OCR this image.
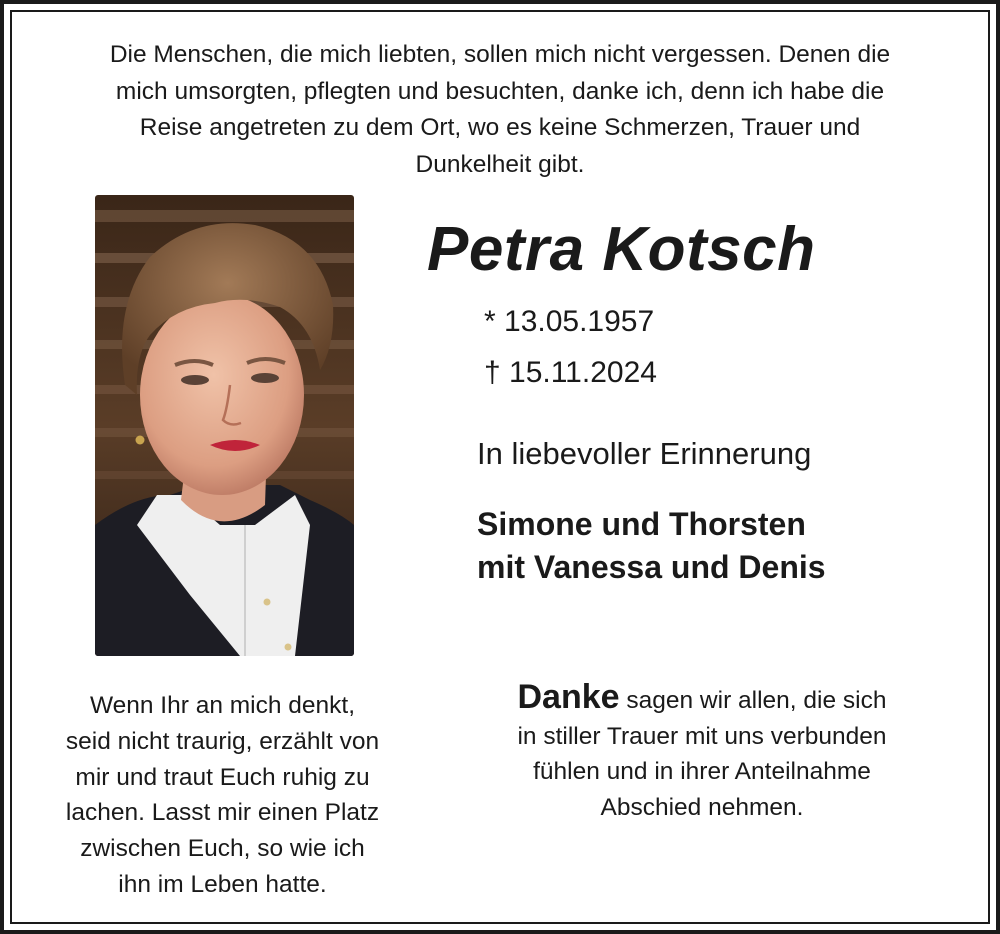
Die Menschen, die mich liebten, sollen mich nicht vergessen. Denen die
mich umsorgten, pflegten und besuchten, danke ich, denn ich habe die
Reise angetreten zu dem Ort, wo es keine Schmerzen, Trauer und
Dunkelheit gibt.
Petra Kotsch
* 13.05.1957
† 15.11.2024
In liebevoller Erinnerung
Simone und Thorsten
mit Vanessa und Denis
Wenn Ihr an mich denkt,
seid nicht traurig, erzählt von
mir und traut Euch ruhig zu
lachen. Lasst mir einen Platz
zwischen Euch, so wie ich
ihn im Leben hatte.
Danke sagen wir allen, die sich
in stiller Trauer mit uns verbunden
fühlen und in ihrer Anteilnahme
Abschied nehmen.
